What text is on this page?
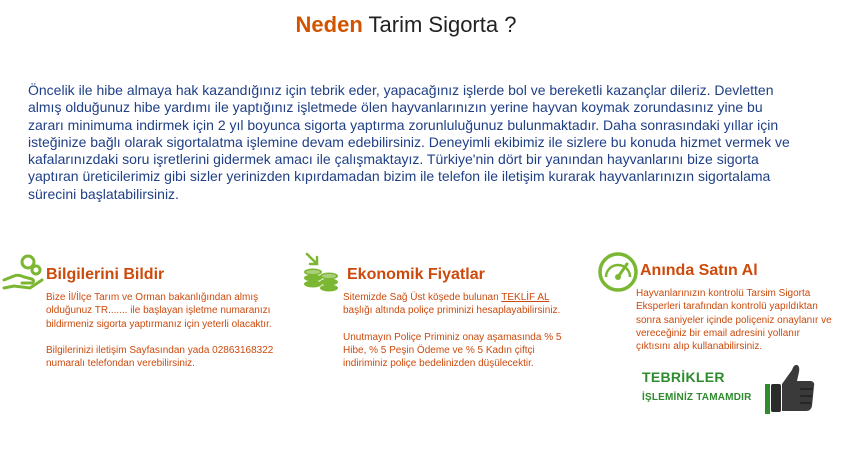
Neden Tarim Sigorta ?
Öncelik ile hibe almaya hak kazandığınız için tebrik eder, yapacağınız işlerde bol ve bereketli kazançlar dileriz. Devletten almış olduğunuz hibe yardımı ile yaptığınız işletmede ölen hayvanlarınızın yerine hayvan koymak zorundasınız yine bu zararı minimuma indirmek için 2 yıl boyunca sigorta yaptırma zorunluluğunuz bulunmaktadır. Daha sonrasındaki yıllar için isteğinize bağlı olarak sigortalatma işlemine devam edebilirsiniz. Deneyimli ekibimiz ile sizlere bu konuda hizmet vermek ve kafalarınızdaki soru işretlerini gidermek amacı ile çalışmaktayız. Türkiye'nin dört bir yanından hayvanlarını bize sigorta yaptıran üreticilerimiz gibi sizler yerinizden kıpırdamadan bizim ile telefon ile iletişim kurarak hayvanlarınızın sigortalama sürecini başlatabilirsiniz.
Bilgilerini Bildir

Bize İl/İlçe Tarım ve Orman bakanlığından almış olduğunuz TR....... ile başlayan işletme numaranızı bildirmeniz sigorta yaptırmanız için yeterli olacaktır.

Bilgilerinizi iletişim Sayfasından yada 02863168322 numaralı telefondan verebilirsiniz.

Ekonomik Fiyatlar

Sitemizde Sağ Üst köşede bulunan TEKLİF AL başlığı altında poliçe priminizi hesaplayabilirsiniz.

Unutmayın Poliçe Priminiz onay aşamasında % 5 Hibe, % 5 Peşin Ödeme ve % 5 Kadın çiftçi indiriminiz poliçe bedelinizden düşülecektir.

Anında Satın Al

Hayvanlarınızın kontrolü Tarsim Sigorta Eksperleri tarafından kontrolü yapıldıktan sonra saniyeler içinde poliçeniz onaylanır ve vereceğiniz bir email adresini yollanır çıktısını alıp kullanabilirsiniz.

TEBRİKLER
İŞLEMİNİZ TAMAMDIR
